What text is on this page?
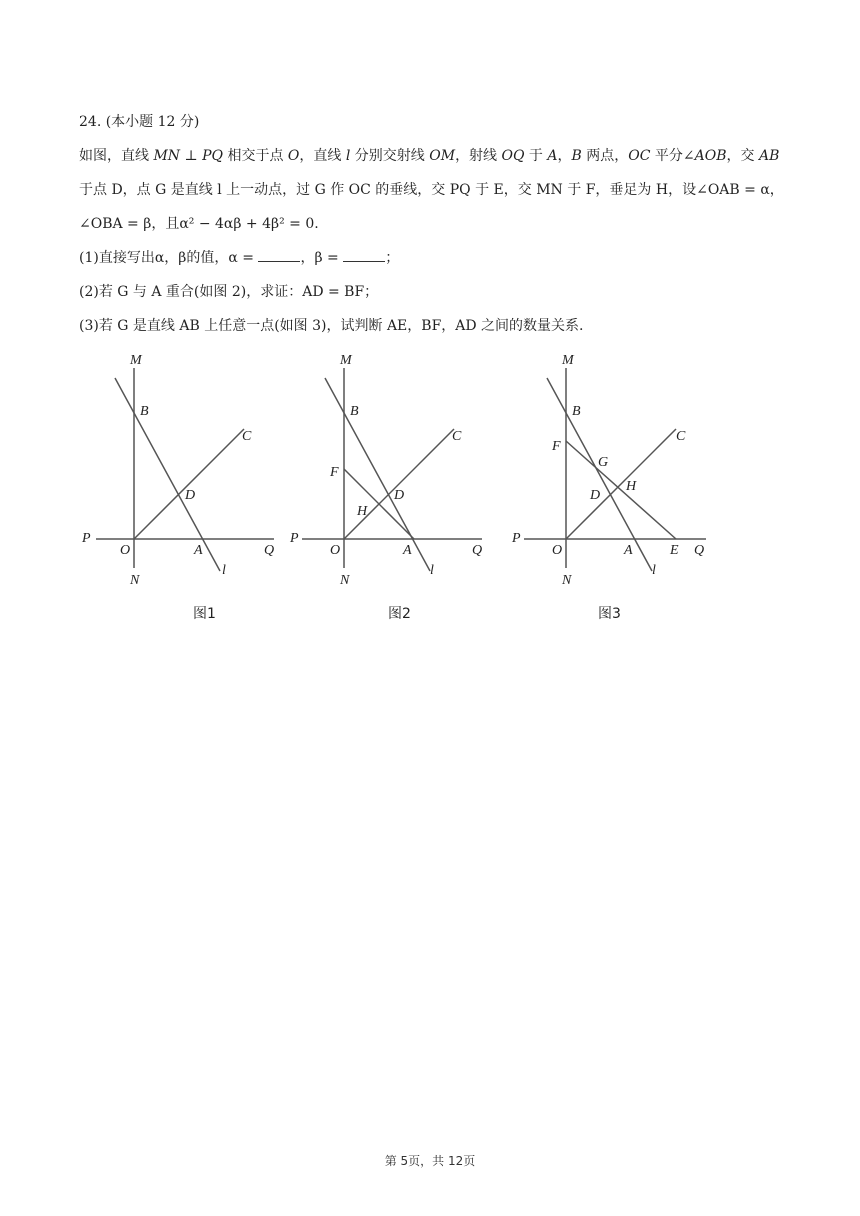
24. (本小题 12 分)
如图，直线 MN ⊥ PQ 相交于点 O，直线 l 分别交射线 OM，射线 OQ 于 A，B 两点，OC 平分∠AOB，交 AB
于点 D，点 G 是直线 l 上一动点，过 G 作 OC 的垂线，交 PQ 于 E，交 MN 于 F，垂足为 H，设∠OAB = α，
∠OBA = β，且α² − 4αβ + 4β² = 0.
(1)直接写出α，β的值，α =	，β =	；
(2)若 G 与 A 重合(如图 2)，求证：AD = BF；
(3)若 G 是直线 AB 上任意一点(如图 3)，试判断 AE，BF，AD 之间的数量关系.
M
B
C
D
P
O	A	Q
N
l
图1
M
B
C
F
D
H
P
O	A	Q
N
l
图2
M
B
C
F
G
D
H
P
O	A	E Q
N
l
图3
第 5页，共 12页
